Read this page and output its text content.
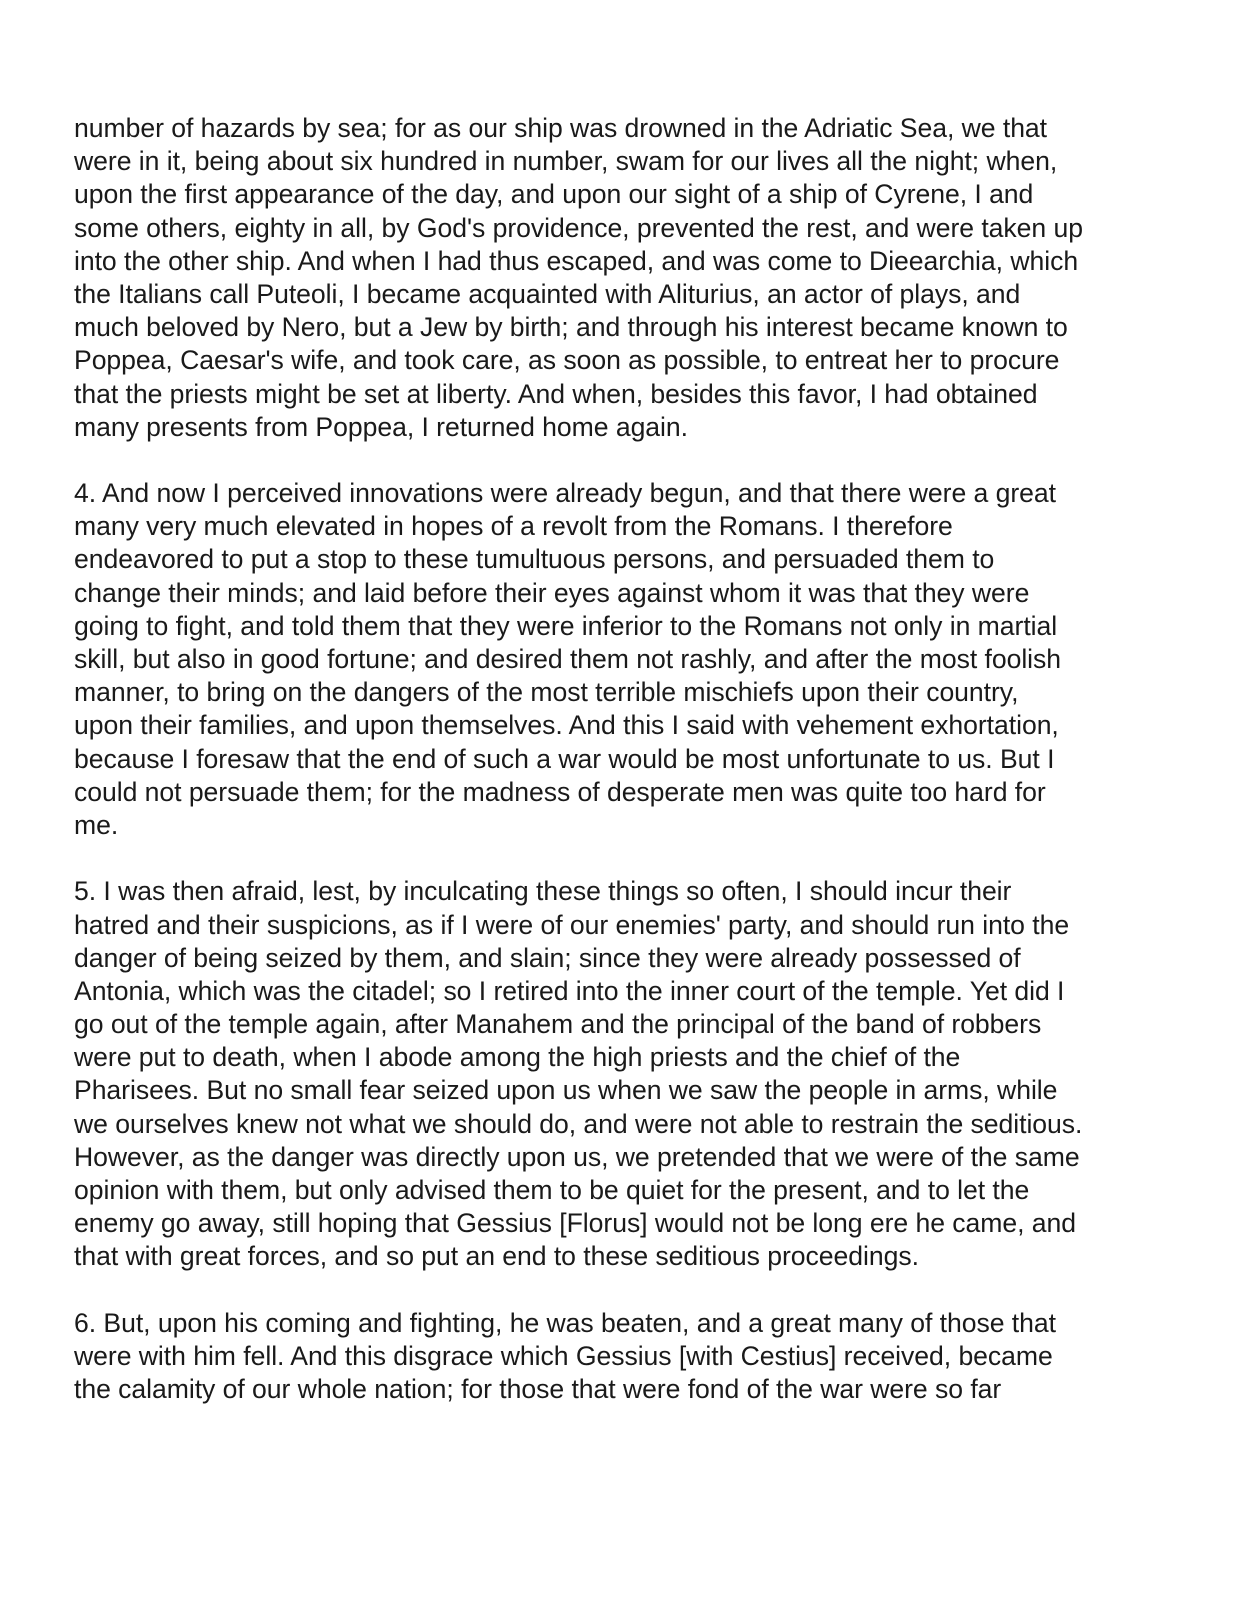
number of hazards by sea; for as our ship was drowned in the Adriatic Sea, we that
were in it, being about six hundred in number, swam for our lives all the night; when,
upon the first appearance of the day, and upon our sight of a ship of Cyrene, I and
some others, eighty in all, by God's providence, prevented the rest, and were taken up
into the other ship. And when I had thus escaped, and was come to Dieearchia, which
the Italians call Puteoli, I became acquainted with Aliturius, an actor of plays, and
much beloved by Nero, but a Jew by birth; and through his interest became known to
Poppea, Caesar's wife, and took care, as soon as possible, to entreat her to procure
that the priests might be set at liberty. And when, besides this favor, I had obtained
many presents from Poppea, I returned home again.
4. And now I perceived innovations were already begun, and that there were a great
many very much elevated in hopes of a revolt from the Romans. I therefore
endeavored to put a stop to these tumultuous persons, and persuaded them to
change their minds; and laid before their eyes against whom it was that they were
going to fight, and told them that they were inferior to the Romans not only in martial
skill, but also in good fortune; and desired them not rashly, and after the most foolish
manner, to bring on the dangers of the most terrible mischiefs upon their country,
upon their families, and upon themselves. And this I said with vehement exhortation,
because I foresaw that the end of such a war would be most unfortunate to us. But I
could not persuade them; for the madness of desperate men was quite too hard for
me.
5. I was then afraid, lest, by inculcating these things so often, I should incur their
hatred and their suspicions, as if I were of our enemies' party, and should run into the
danger of being seized by them, and slain; since they were already possessed of
Antonia, which was the citadel; so I retired into the inner court of the temple. Yet did I
go out of the temple again, after Manahem and the principal of the band of robbers
were put to death, when I abode among the high priests and the chief of the
Pharisees. But no small fear seized upon us when we saw the people in arms, while
we ourselves knew not what we should do, and were not able to restrain the seditious.
However, as the danger was directly upon us, we pretended that we were of the same
opinion with them, but only advised them to be quiet for the present, and to let the
enemy go away, still hoping that Gessius [Florus] would not be long ere he came, and
that with great forces, and so put an end to these seditious proceedings.
6. But, upon his coming and fighting, he was beaten, and a great many of those that
were with him fell. And this disgrace which Gessius [with Cestius] received, became
the calamity of our whole nation; for those that were fond of the war were so far
